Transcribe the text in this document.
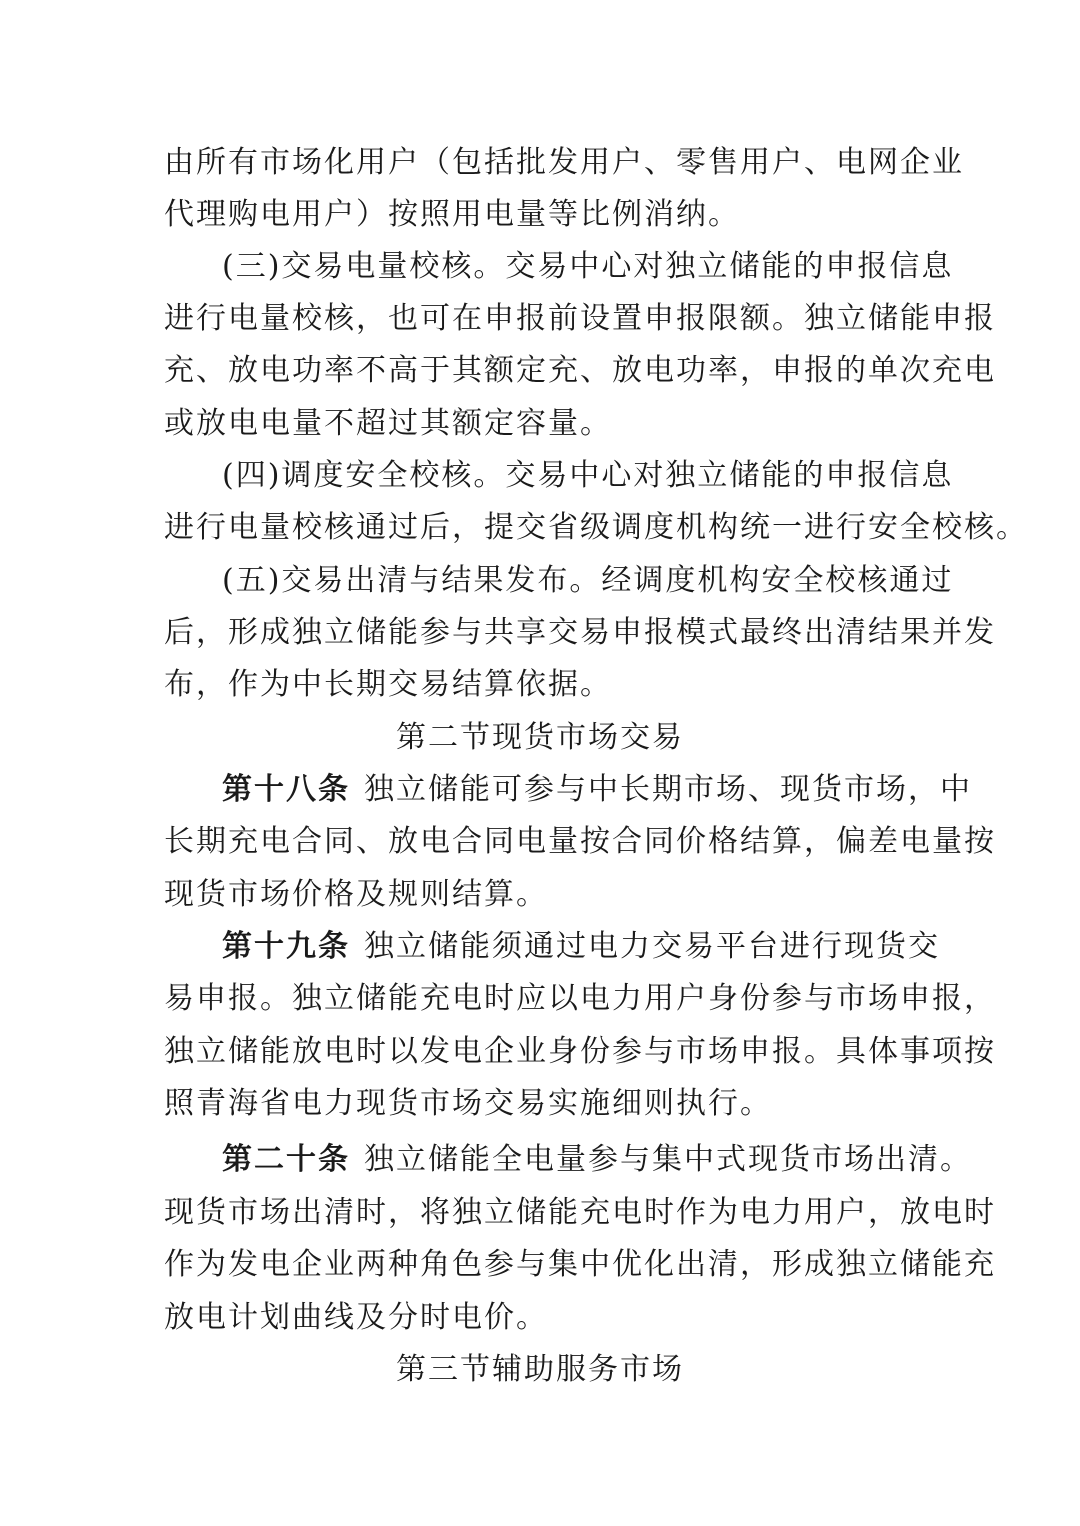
由所有市场化用户（包括批发用户、零售用户、电网企业
代理购电用户）按照用电量等比例消纳。
(三)交易电量校核。交易中心对独立储能的申报信息
进行电量校核，也可在申报前设置申报限额。独立储能申报
充、放电功率不高于其额定充、放电功率，申报的单次充电
或放电电量不超过其额定容量。
(四)调度安全校核。交易中心对独立储能的申报信息
进行电量校核通过后，提交省级调度机构统一进行安全校核。
(五)交易出清与结果发布。经调度机构安全校核通过
后，形成独立储能参与共享交易申报模式最终出清结果并发
布，作为中长期交易结算依据。
第二节现货市场交易
第十八条 独立储能可参与中长期市场、现货市场，中
长期充电合同、放电合同电量按合同价格结算，偏差电量按
现货市场价格及规则结算。
第十九条 独立储能须通过电力交易平台进行现货交
易申报。独立储能充电时应以电力用户身份参与市场申报，
独立储能放电时以发电企业身份参与市场申报。具体事项按
照青海省电力现货市场交易实施细则执行。
第二十条 独立储能全电量参与集中式现货市场出清。
现货市场出清时，将独立储能充电时作为电力用户，放电时
作为发电企业两种角色参与集中优化出清，形成独立储能充
放电计划曲线及分时电价。
第三节辅助服务市场
